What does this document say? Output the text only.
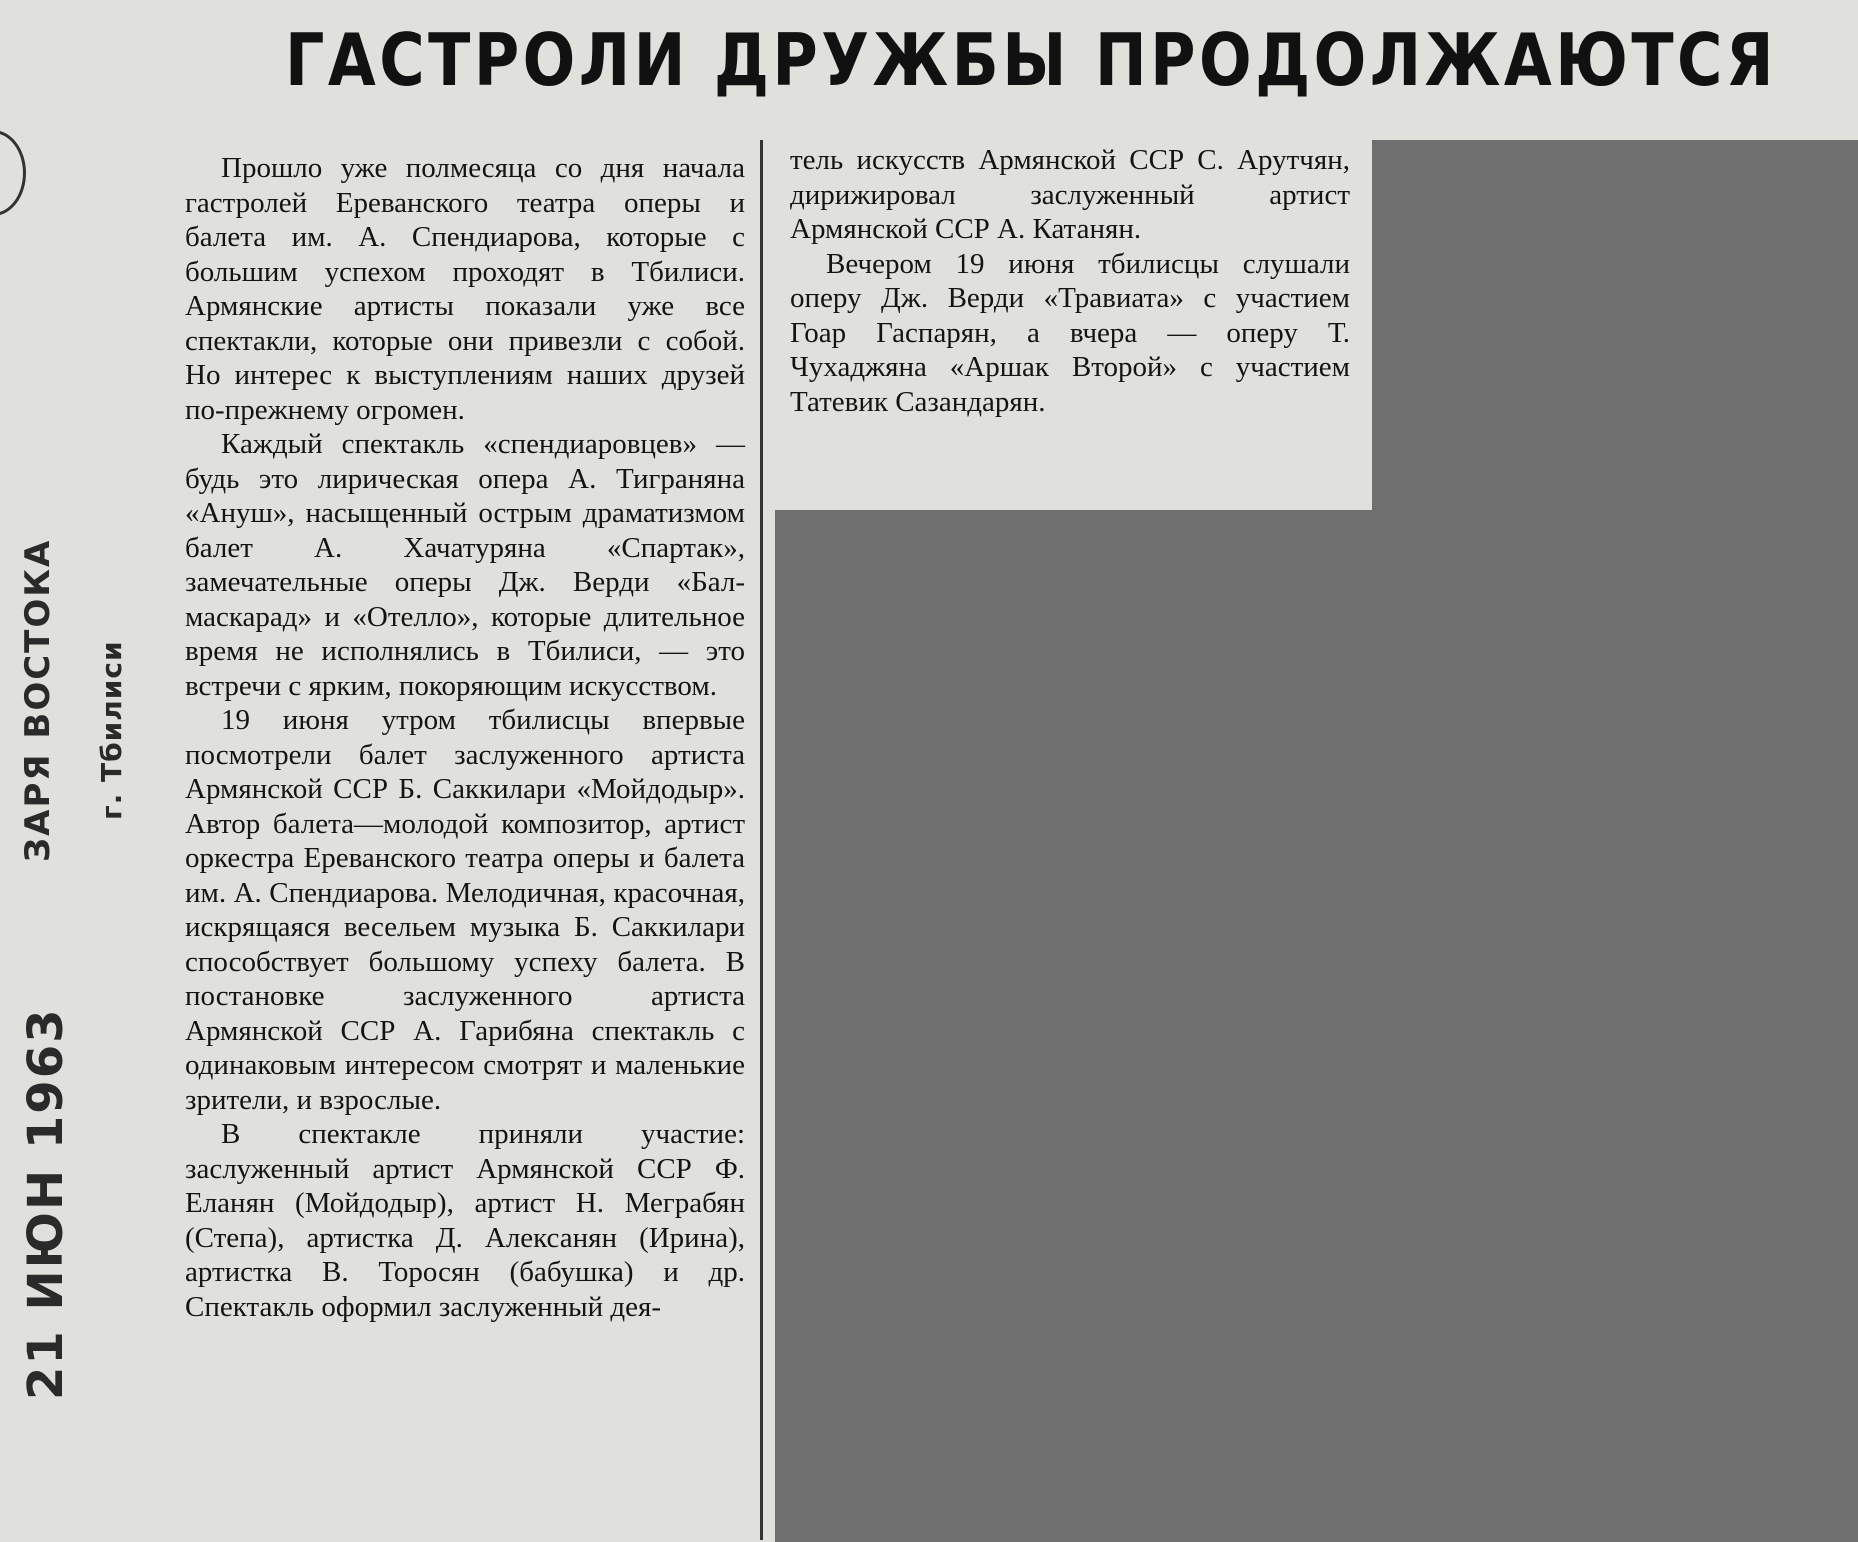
ГАСТРОЛИ ДРУЖБЫ ПРОДОЛЖАЮТСЯ

Прошло уже полмесяца со дня начала гастролей Ереванского театра оперы и балета им. А. Спендиарова, которые с большим успехом проходят в Тбилиси. Армянские артисты показали уже все спектакли, которые они привезли с собой. Но интерес к выступлениям наших друзей по-прежнему огромен.

Каждый спектакль «спендиаровцев» — будь это лирическая опера А. Тиграняна «Ануш», насыщенный острым драматизмом балет А. Хачатуряна «Спартак», замечательные оперы Дж. Верди «Бал-маскарад» и «Отелло», которые длительное время не исполнялись в Тбилиси, — это встречи с ярким, покоряющим искусством.

19 июня утром тбилисцы впервые посмотрели балет заслуженного артиста Армянской ССР Б. Саккилари «Мойдодыр». Автор балета—молодой композитор, артист оркестра Ереванского театра оперы и балета им. А. Спендиарова. Мелодичная, красочная, искрящаяся весельем музыка Б. Саккилари способствует большому успеху балета. В постановке заслуженного артиста Армянской ССР А. Гарибяна спектакль с одинаковым интересом смотрят и маленькие зрители, и взрослые.

В спектакле приняли участие: заслуженный артист Армянской ССР Ф. Еланян (Мойдодыр), артист Н. Меграбян (Степа), артистка Д. Алексанян (Ирина), артистка В. Торосян (бабушка) и др. Спектакль оформил заслуженный дея-

тель искусств Армянской ССР С. Арутчян, дирижировал заслуженный артист Армянской ССР А. Катанян.

Вечером 19 июня тбилисцы слушали оперу Дж. Верди «Травиата» с участием Гоар Гаспарян, а вчера — оперу Т. Чухаджяна «Аршак Второй» с участием Татевик Сазандарян.

21 ИЮН 1963
ЗАРЯ ВОСТОКА г. Тбилиси
